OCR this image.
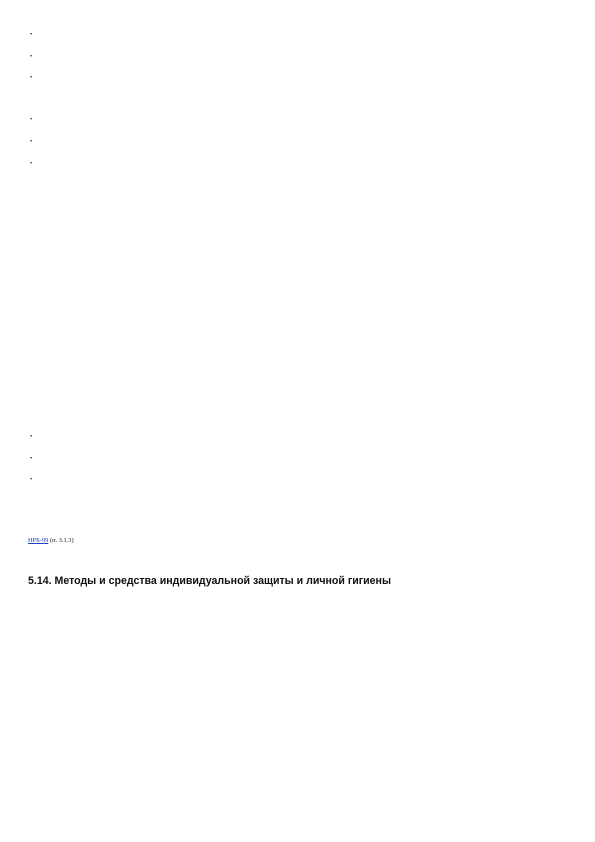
•
•
•

•
•
•

•
•
•

НРБ-99 (п. 3.1.3)

5.14. Методы и средства индивидуальной защиты и личной гигиены
